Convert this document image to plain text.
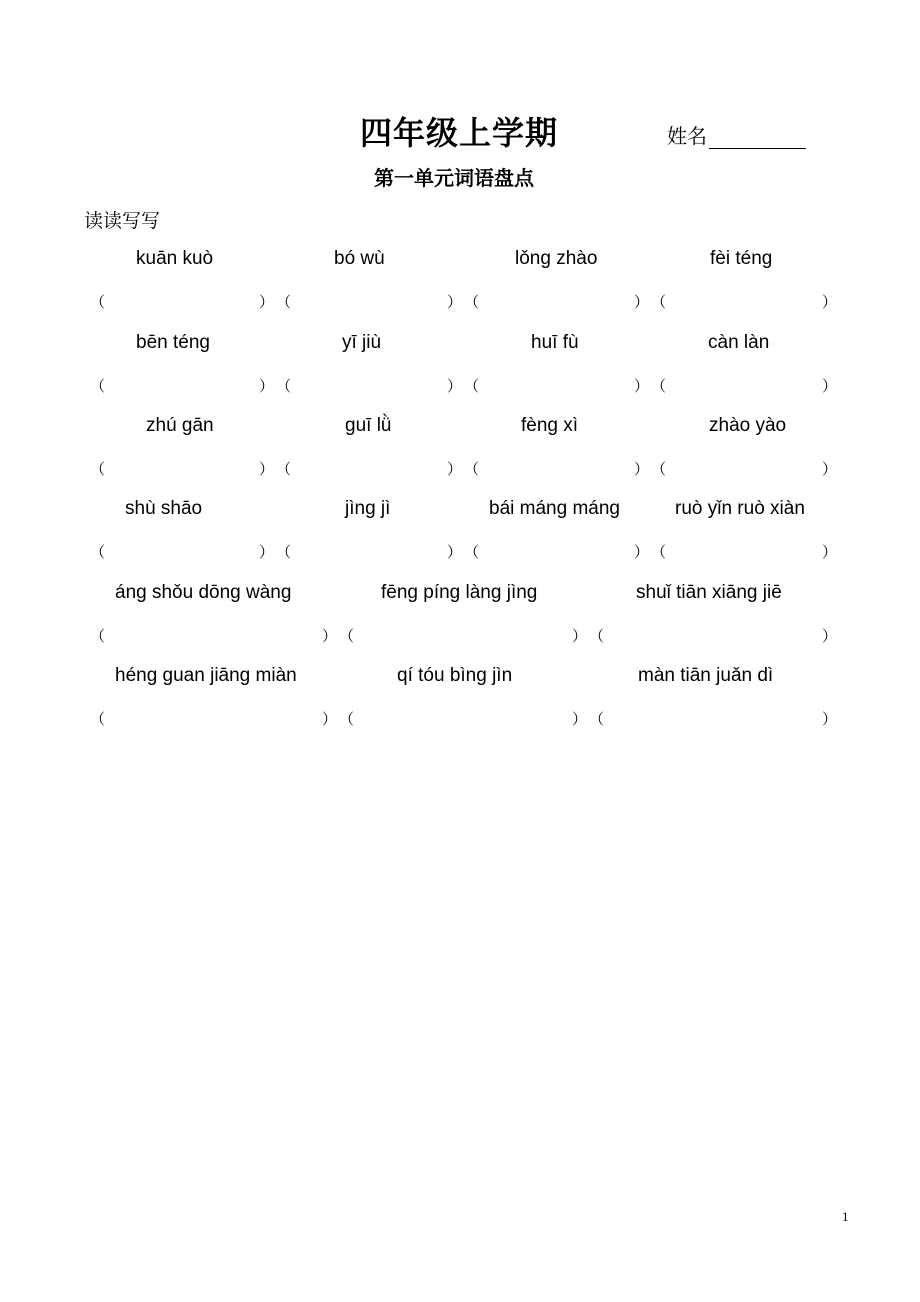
四年级上学期	姓名
第一单元词语盘点
读读写写
kuān kuò	bó wù	lǒng zhào	fèi téng
（	） （	） （	） （	）
bēn téng	yī jiù	huī fù	càn làn
（	） （	） （	） （	）
zhú gān	guī lǜ	fèng xì	zhào yào
（	） （	） （	） （	）
shù shāo	jìng jì	bái máng máng	ruò yǐn ruò xiàn
（	） （	） （	） （	）
áng shǒu dōng wàng	fēng píng làng jìng	shuǐ tiān xiāng jiē
（	） （	） （	）
héng guan jiāng miàn	qí tóu bìng jìn	màn tiān juǎn dì
（	） （	） （	）
1
